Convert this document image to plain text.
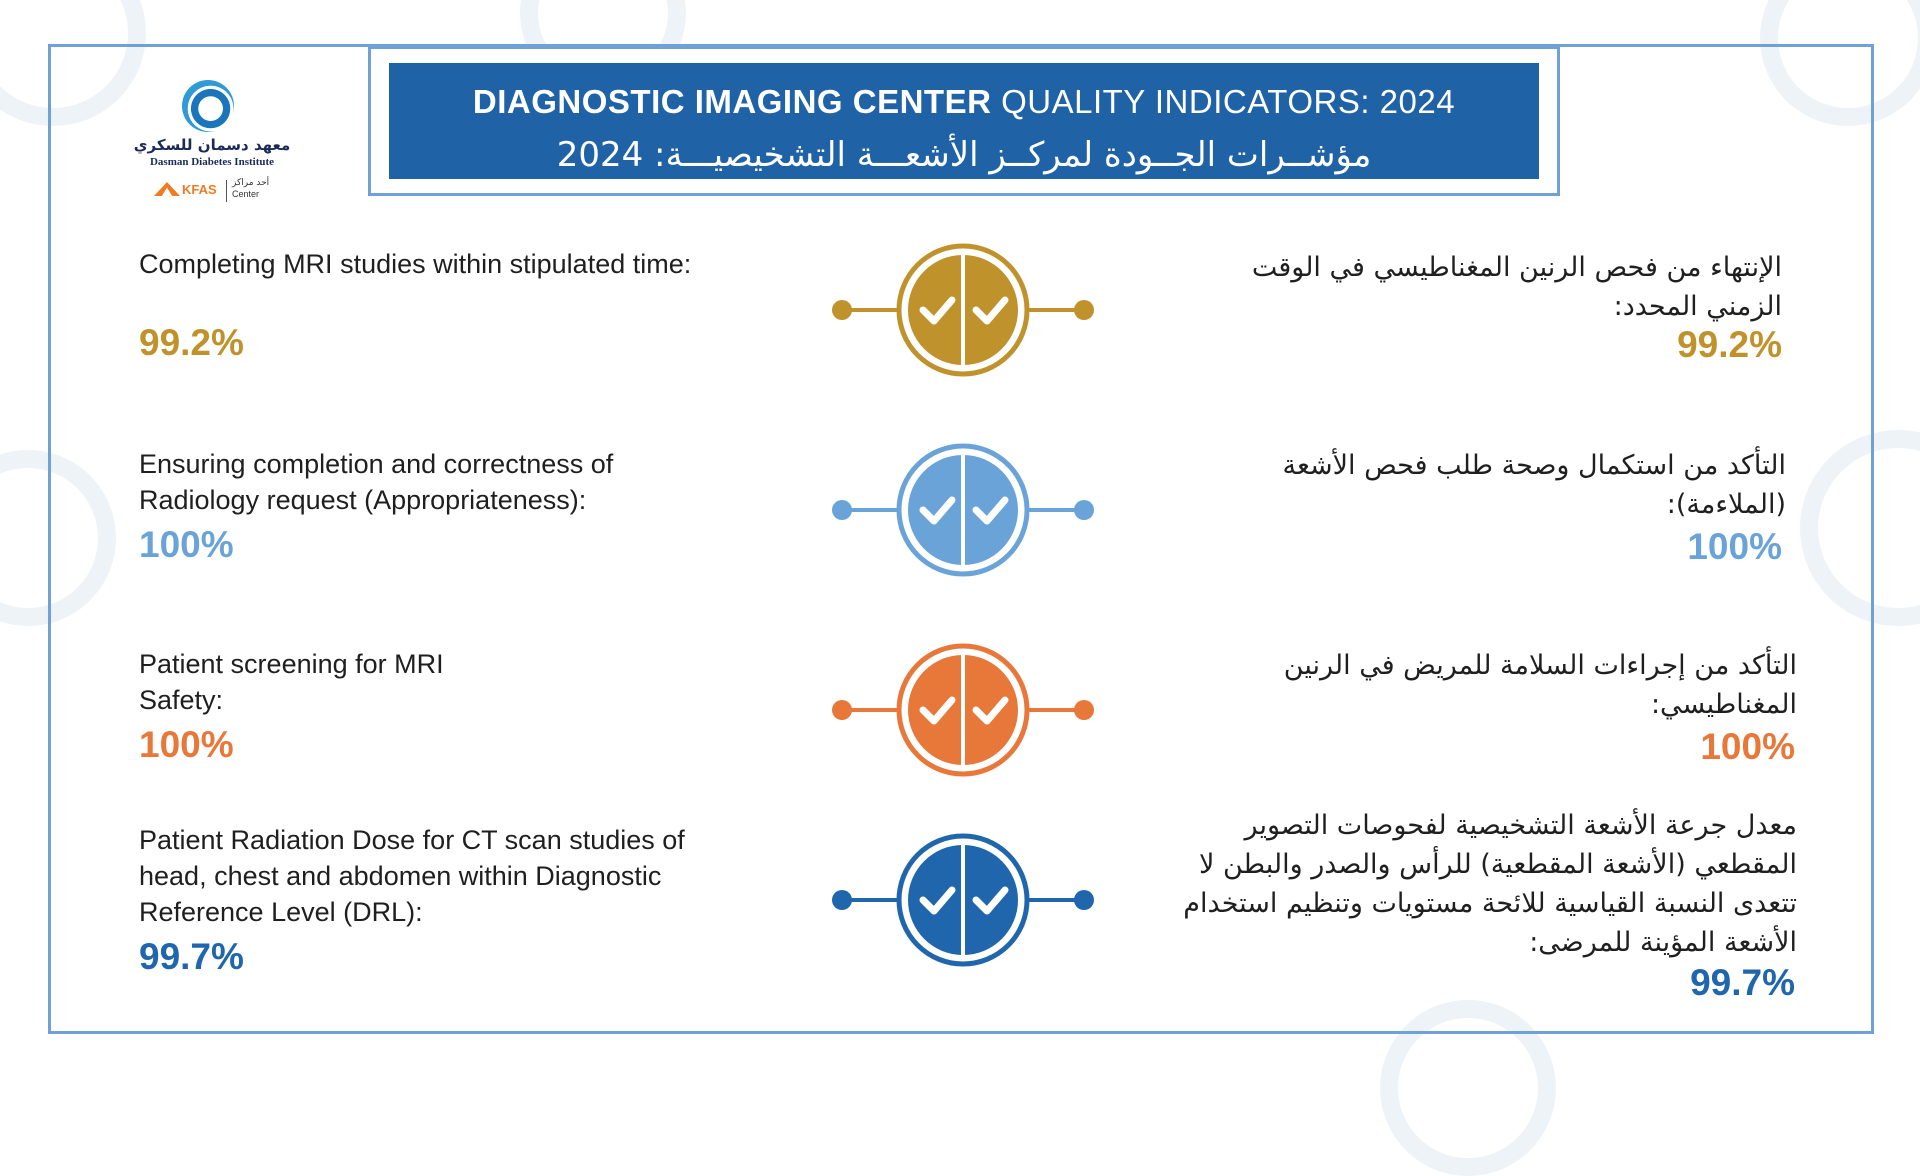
معهد دسمان للسكري
Dasman Diabetes Institute
KFAS أحد مراكز
Center
DIAGNOSTIC IMAGING CENTER QUALITY INDICATORS: 2024
مؤشــرات الجــودة لمركــز الأشعـــة التشخيصيـــة: 2024
Completing MRI studies within stipulated time:
99.2%
الإنتهاء من فحص الرنين المغناطيسي في الوقت الزمني المحدد:
99.2%
Ensuring completion and correctness of Radiology request (Appropriateness):
100%
التأكد من استكمال وصحة طلب فحص الأشعة (الملاءمة):
100%
Patient screening for MRI Safety:
100%
التأكد من إجراءات السلامة للمريض في الرنين المغناطيسي:
100%
Patient Radiation Dose for CT scan studies of head, chest and abdomen within Diagnostic Reference Level (DRL):
99.7%
معدل جرعة الأشعة التشخيصية لفحوصات التصوير المقطعي (الأشعة المقطعية) للرأس والصدر والبطن لا تتعدى النسبة القياسية للائحة مستويات وتنظيم استخدام الأشعة المؤينة للمرضى:
99.7%
